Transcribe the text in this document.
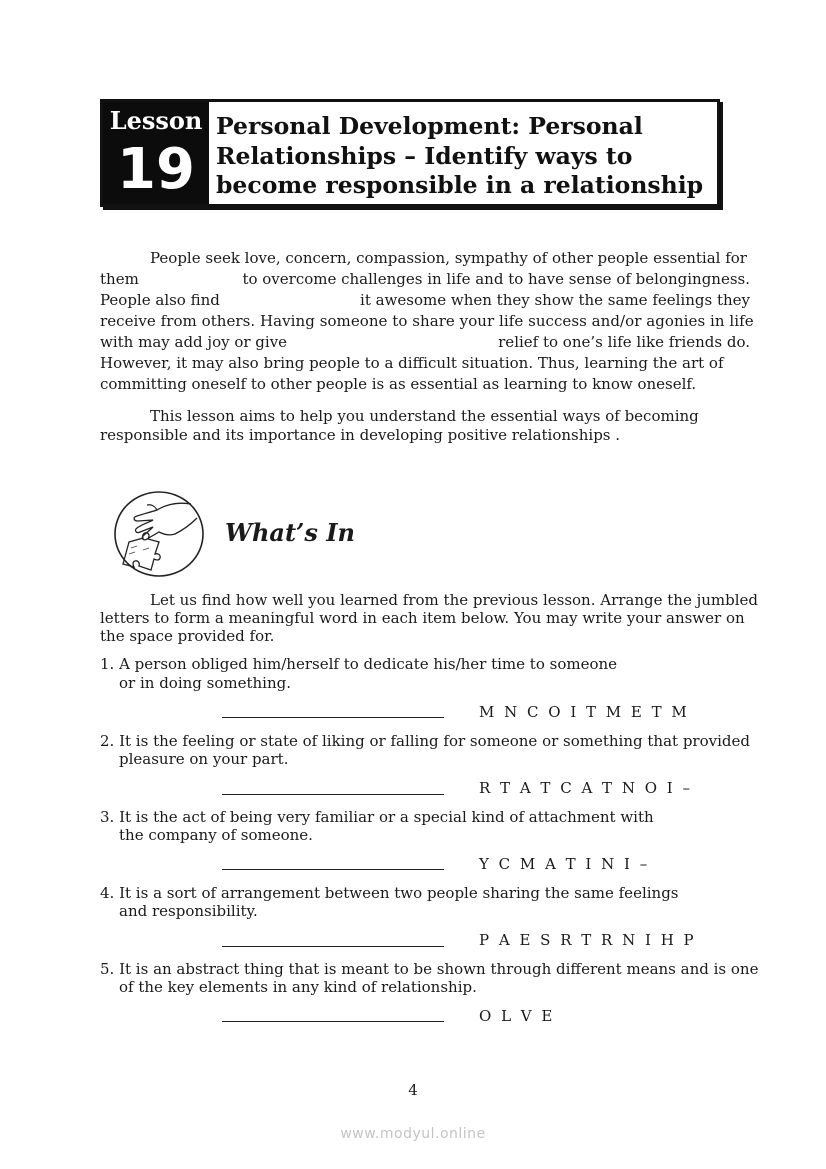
Lesson
19
Personal Development: Personal
Relationships – Identify ways to
become responsible in a relationship
People seek love, concern, compassion, sympathy of other people essential for
them	to overcome challenges in life and to have sense of belongingness.
People also find	it awesome when they show the same feelings they
receive from others. Having someone to share your life success and/or agonies in life
with may add joy or give	relief to one’s life like friends do.
However, it may also bring people to a difficult situation. Thus, learning the art of
committing oneself to other people is as essential as learning to know oneself.
This lesson aims to help you understand the essential ways of becoming
responsible and its importance in developing positive relationships .
What’s In
Let us find how well you learned from the previous lesson. Arrange the jumbled
letters to form a meaningful word in each item below. You may write your answer on
the space provided for.
1. A person obliged him/herself to dedicate his/her time to someone
or in doing something.
M N C O I T M E T M
2. It is the feeling or state of liking or falling for someone or something that provided
pleasure on your part.
R T A T C A T N O I –
3. It is the act of being very familiar or a special kind of attachment with
the company of someone.
Y C M A T I N I –
4. It is a sort of arrangement between two people sharing the same feelings
and responsibility.
P A E S R T R N I H P
5. It is an abstract thing that is meant to be shown through different means and is one
of the key elements in any kind of relationship.
O L V E
4
www.modyul.online
